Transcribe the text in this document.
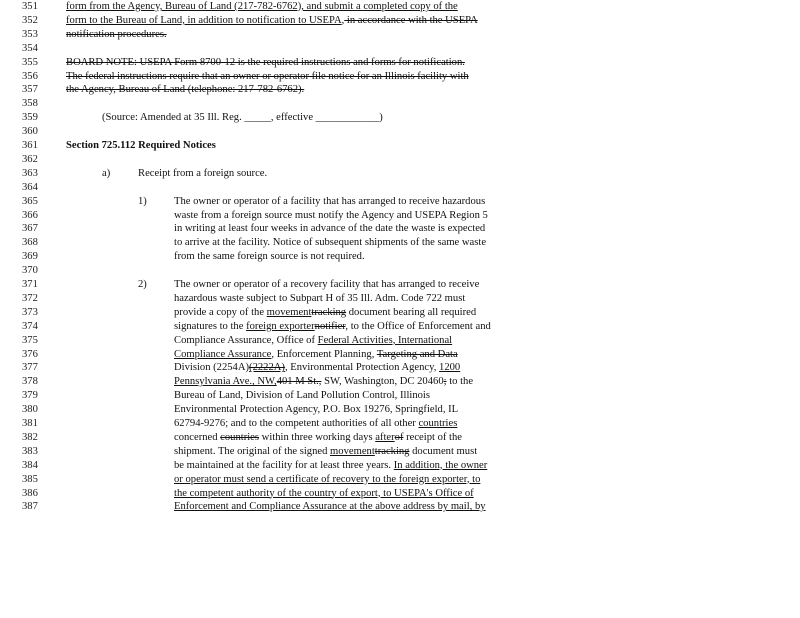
351	form from the Agency, Bureau of Land (217-782-6762), and submit a completed copy of the
352	form to the Bureau of Land, in addition to notification to USEPA, in accordance with the USEPA
353	notification procedures.
354
355	BOARD NOTE: USEPA Form 8700-12 is the required instructions and forms for notification.
356	The federal instructions require that an owner or operator file notice for an Illinois facility with
357	the Agency, Bureau of Land (telephone: 217-782-6762).
358
359	(Source: Amended at 35 Ill. Reg. _____, effective ____________)
360
361	Section 725.112 Required Notices
362
363	a)	Receipt from a foreign source.
364
365	1)	The owner or operator of a facility that has arranged to receive hazardous
366	waste from a foreign source must notify the Agency and USEPA Region 5
367	in writing at least four weeks in advance of the date the waste is expected
368	to arrive at the facility. Notice of subsequent shipments of the same waste
369	from the same foreign source is not required.
370
371	2)	The owner or operator of a recovery facility that has arranged to receive
372	hazardous waste subject to Subpart H of 35 Ill. Adm. Code 722 must
373	provide a copy of the movementtracking document bearing all required
374	signatures to the foreign exporternotifier, to the Office of Enforcement and
375	Compliance Assurance, Office of Federal Activities, International
376	Compliance Assurance, Enforcement Planning, Targeting and Data
377	Division (2254A)(2222A), Environmental Protection Agency, 1200
378	Pennsylvania Ave., NW,401 M St., SW, Washington, DC 20460; to the
379	Bureau of Land, Division of Land Pollution Control, Illinois
380	Environmental Protection Agency, P.O. Box 19276, Springfield, IL
381	62794-9276; and to the competent authorities of all other countries
382	concerned countries within three working days afterof receipt of the
383	shipment. The original of the signed movementtracking document must
384	be maintained at the facility for at least three years. In addition, the owner
385	or operator must send a certificate of recovery to the foreign exporter, to
386	the competent authority of the country of export, to USEPA's Office of
387	Enforcement and Compliance Assurance at the above address by mail, by
